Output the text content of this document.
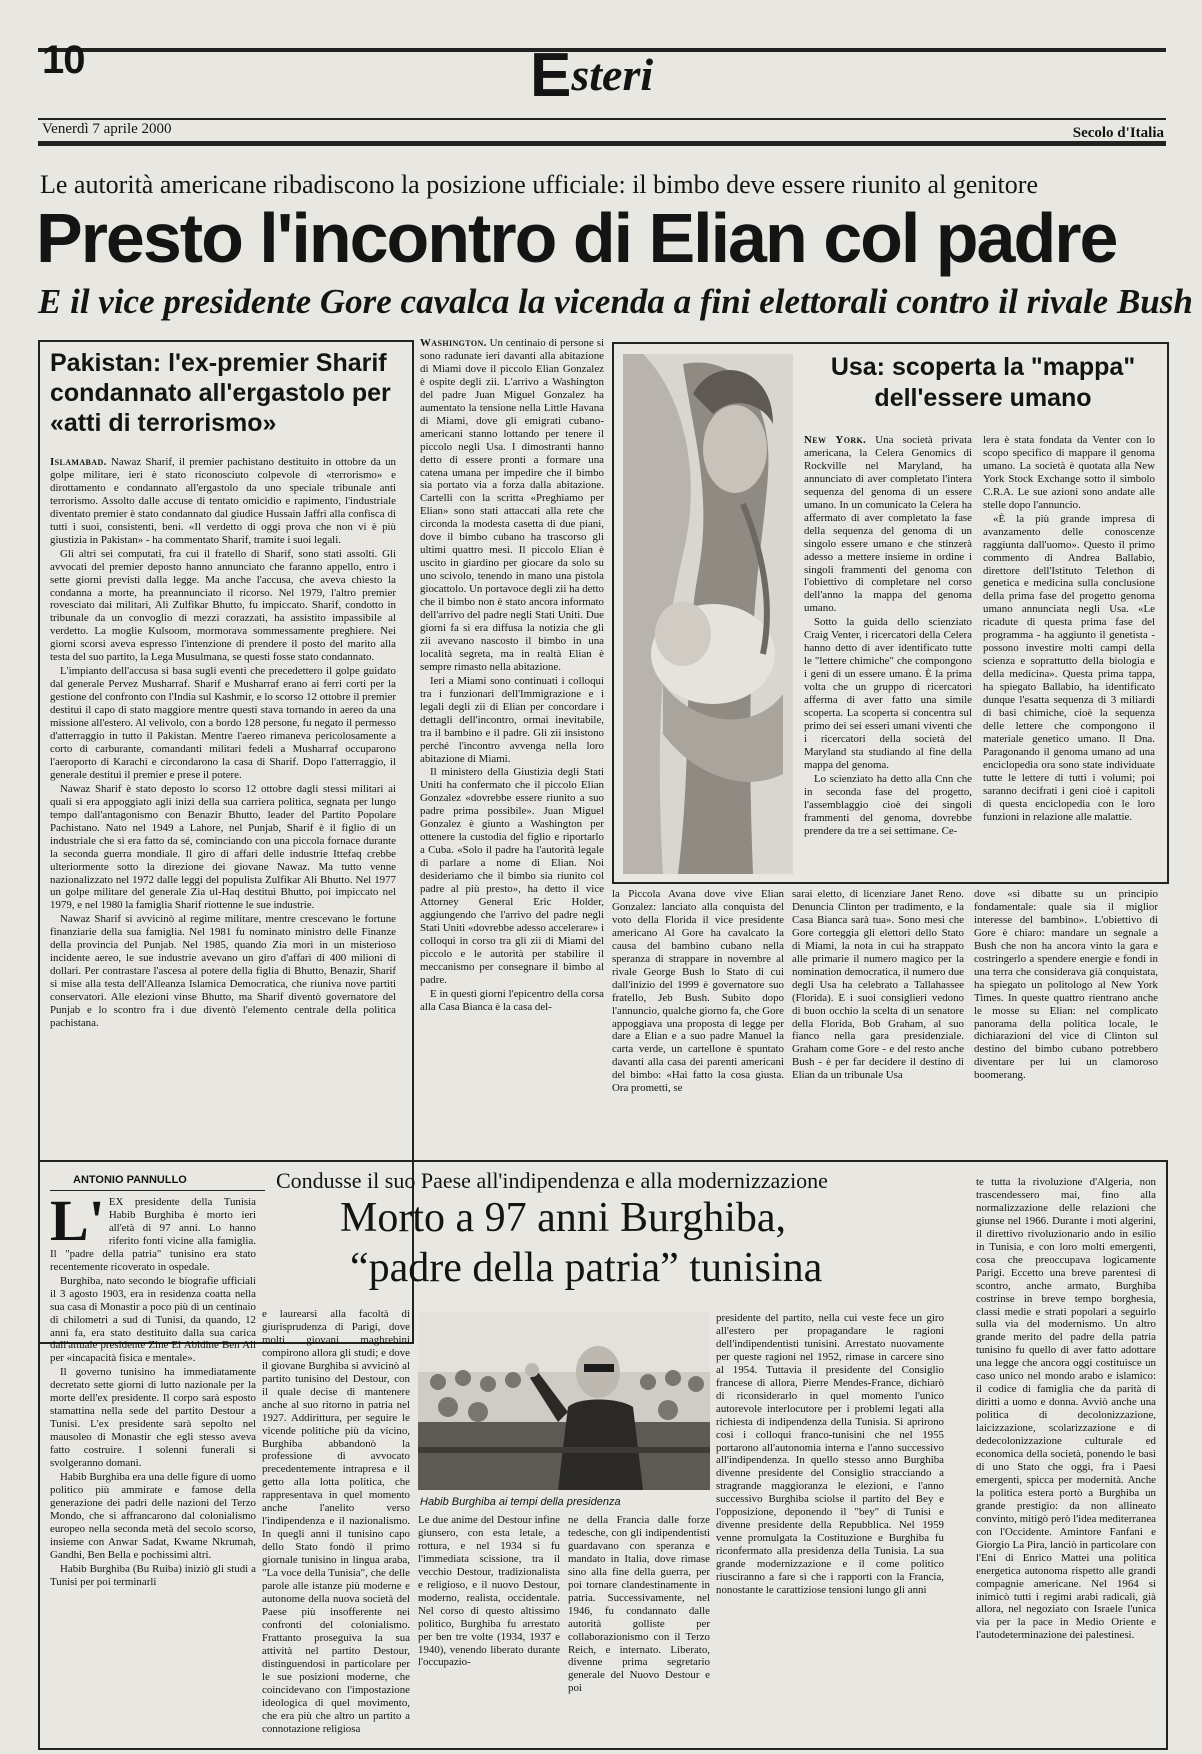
10	Esteri
Venerdì 7 aprile 2000	Secolo d'Italia
Le autorità americane ribadiscono la posizione ufficiale: il bimbo deve essere riunito al genitore
Presto l'incontro di Elian col padre
E il vice presidente Gore cavalca la vicenda a fini elettorali contro il rivale Bush
Pakistan: l'ex-premier Sharif condannato all'ergastolo per «atti di terrorismo»

Islamabad. Nawaz Sharif, il premier pachistano destituito in ottobre da un golpe militare, ieri è stato riconosciuto colpevole di «terrorismo» e dirottamento e condannato all'ergastolo da uno speciale tribunale anti terrorismo. Assolto dalle accuse di tentato omicidio e rapimento, l'industriale diventato premier è stato condannato dal giudice Hussain Jaffri alla confisca di tutti i suoi, consistenti, beni. «Il verdetto di oggi prova che non vi è più giustizia in Pakistan» - ha commentato Sharif, tramite i suoi legali.

Gli altri sei computati, fra cui il fratello di Sharif, sono stati assolti. Gli avvocati del premier deposto hanno annunciato che faranno appello, entro i sette giorni previsti dalla legge. Ma anche l'accusa, che aveva chiesto la condanna a morte, ha preannunciato il ricorso. Nel 1979, l'altro premier rovesciato dai militari, Ali Zulfikar Bhutto, fu impiccato. Sharif, condotto in tribunale da un convoglio di mezzi corazzati, ha assistito impassibile al verdetto. La moglie Kulsoom, mormorava sommessamente preghiere. Nei giorni scorsi aveva espresso l'intenzione di prendere il posto del marito alla testa del suo partito, la Lega Musulmana, se questi fosse stato condannato.

L'impianto dell'accusa si basa sugli eventi che precedettero il golpe guidato dal generale Pervez Musharraf. Sharif e Musharraf erano ai ferri corti per la gestione del confronto con l'India sul Kashmir, e lo scorso 12 ottobre il premier destituì il capo di stato maggiore mentre questi stava tornando in aereo da una missione all'estero. Al velivolo, con a bordo 128 persone, fu negato il permesso d'atterraggio in tutto il Pakistan. Mentre l'aereo rimaneva pericolosamente a corto di carburante, comandanti militari fedeli a Musharraf occuparono l'aeroporto di Karachi e circondarono la casa di Sharif. Dopo l'atterraggio, il generale destituì il premier e prese il potere.

Nawaz Sharif è stato deposto lo scorso 12 ottobre dagli stessi militari ai quali si era appoggiato agli inizi della sua carriera politica, segnata per lungo tempo dall'antagonismo con Benazir Bhutto, leader del Partito Popolare Pachistano. Nato nel 1949 a Lahore, nel Punjab, Sharif è il figlio di un industriale che si era fatto da sé, cominciando con una piccola fornace durante la seconda guerra mondiale. Il giro di affari delle industrie Ittefaq crebbe ulteriormente sotto la direzione dei giovane Nawaz. Ma tutto venne nazionalizzato nel 1972 dalle leggi del populista Zulfikar Ali Bhutto. Nel 1977 un golpe militare del generale Zia ul-Haq destituì Bhutto, poi impiccato nel 1979, e nel 1980 la famiglia Sharif riottenne le sue industrie.

Nawaz Sharif si avvicinò al regime militare, mentre crescevano le fortune finanziarie della sua famiglia. Nel 1981 fu nominato ministro delle Finanze della provincia del Punjab. Nel 1985, quando Zia morì in un misterioso incidente aereo, le sue industrie avevano un giro d'affari di 400 milioni di dollari. Per contrastare l'ascesa al potere della figlia di Bhutto, Benazir, Sharif si mise alla testa dell'Alleanza Islamica Democratica, che riuniva nove partiti conservatori. Alle elezioni vinse Bhutto, ma Sharif diventò governatore del Punjab e lo scontro fra i due diventò l'elemento centrale della politica pachistana.

Washington. Un centinaio di persone si sono radunate ieri davanti alla abitazione di Miami dove il piccolo Elian Gonzalez è ospite degli zii. L'arrivo a Washington del padre Juan Miguel Gonzalez ha aumentato la tensione nella Little Havana di Miami, dove gli emigrati cubano-americani stanno lottando per tenere il piccolo negli Usa. I dimostranti hanno detto di essere pronti a formare una catena umana per impedire che il bimbo sia portato via a forza dalla abitazione. Cartelli con la scritta «Preghiamo per Elian» sono stati attaccati alla rete che circonda la modesta casetta di due piani, dove il bimbo cubano ha trascorso gli ultimi quattro mesi. Il piccolo Elian è uscito in giardino per giocare da solo su uno scivolo, tenendo in mano una pistola giocattolo. Un portavoce degli zii ha detto che il bimbo non è stato ancora informato dell'arrivo del padre negli Stati Uniti. Due giorni fa si era diffusa la notizia che gli zii avevano nascosto il bimbo in una località segreta, ma in realtà Elian è sempre rimasto nella abitazione.

Ieri a Miami sono continuati i colloqui tra i funzionari dell'Immigrazione e i legali degli zii di Elian per concordare i dettagli dell'incontro, ormai inevitabile, tra il bambino e il padre. Gli zii insistono perché l'incontro avvenga nella loro abitazione di Miami.

Il ministero della Giustizia degli Stati Uniti ha confermato che il piccolo Elian Gonzalez «dovrebbe essere riunito a suo padre prima possibile». Juan Miguel Gonzalez è giunto a Washington per ottenere la custodia del figlio e riportarlo a Cuba. «Solo il padre ha l'autorità legale di parlare a nome di Elian. Noi desideriamo che il bimbo sia riunito col padre al più presto», ha detto il vice Attorney General Eric Holder, aggiungendo che l'arrivo del padre negli Stati Uniti «dovrebbe adesso accelerare» i colloqui in corso tra gli zii di Miami del piccolo e le autorità per stabilire il meccanismo per consegnare il bimbo al padre.

E in questi giorni l'epicentro della corsa alla Casa Bianca è la casa del-

Usa: scoperta la "mappa" dell'essere umano

New York. Una società privata americana, la Celera Genomics di Rockville nel Maryland, ha annunciato di aver completato l'intera sequenza del genoma di un essere umano. In un comunicato la Celera ha affermato di aver completato la fase della sequenza del genoma di un singolo essere umano e che stinzerà adesso a mettere insieme in ordine i singoli frammenti del genoma con l'obiettivo di completare nel corso dell'anno la mappa del genoma umano.

Sotto la guida dello scienziato Craig Venter, i ricercatori della Celera hanno detto di aver identificato tutte le "lettere chimiche" che compongono i geni di un essere umano. È la prima volta che un gruppo di ricercatori afferma di aver fatto una simile scoperta. La scoperta si concentra sul primo dei sei esseri umani viventi che i ricercatori della società del Maryland sta studiando al fine della mappa del genoma.

Lo scienziato ha detto alla Cnn che in seconda fase del progetto, l'assemblaggio cioè dei singoli frammenti del genoma, dovrebbe prendere da tre a sei settimane. Ce-

lera è stata fondata da Venter con lo scopo specifico di mappare il genoma umano. La società è quotata alla New York Stock Exchange sotto il simbolo C.R.A. Le sue azioni sono andate alle stelle dopo l'annuncio.

«È la più grande impresa di avanzamento delle conoscenze raggiunta dall'uomo». Questo il primo commento di Andrea Ballabio, direttore dell'Istituto Telethon di genetica e medicina sulla conclusione della prima fase del progetto genoma umano annunciata negli Usa. «Le ricadute di questa prima fase del programma - ha aggiunto il genetista - possono investire molti campi della scienza e soprattutto della biologia e della medicina». Questa prima tappa, ha spiegato Ballabio, ha identificato dunque l'esatta sequenza di 3 miliardi di basi chimiche, cioè la sequenza delle lettere che compongono il materiale genetico umano. Il Dna. Paragonando il genoma umano ad una enciclopedia ora sono state individuate tutte le lettere di tutti i volumi; poi saranno decifrati i geni cioè i capitoli di questa enciclopedia con le loro funzioni in relazione alle malattie.

la Piccola Avana dove vive Elian Gonzalez: lanciato alla conquista del voto della Florida il vice presidente americano Al Gore ha cavalcato la causa del bambino cubano nella speranza di strappare in novembre al rivale George Bush lo Stato di cui dall'inizio del 1999 è governatore suo fratello, Jeb Bush. Subito dopo l'annuncio, qualche giorno fa, che Gore appoggiava una proposta di legge per dare a Elian e a suo padre Manuel la carta verde, un cartellone è spuntato davanti alla casa dei parenti americani del bimbo: «Hai fatto la cosa giusta. Ora prometti, se

sarai eletto, di licenziare Janet Reno. Denuncia Clinton per tradimento, e la Casa Bianca sarà tua». Sono mesi che Gore corteggia gli elettori dello Stato di Miami, la nota in cui ha strappato alle primarie il numero magico per la nomination democratica, il numero due degli Usa ha celebrato a Tallahassee (Florida). E i suoi consiglieri vedono di buon occhio la scelta di un senatore della Florida, Bob Graham, al suo fianco nella gara presidenziale. Graham come Gore - e del resto anche Bush - è per far decidere il destino di Elian da un tribunale Usa

dove «si dibatte su un principio fondamentale: quale sia il miglior interesse del bambino». L'obiettivo di Gore è chiaro: mandare un segnale a Bush che non ha ancora vinto la gara e costringerlo a spendere energie e fondi in una terra che considerava già conquistata, ha spiegato un politologo al New York Times. In queste quattro rientrano anche le mosse su Elian: nel complicato panorama della politica locale, le dichiarazioni del vice di Clinton sul destino del bimbo cubano potrebbero diventare per lui un clamoroso boomerang.

ANTONIO PANNULLO	Condusse il suo Paese all'indipendenza e alla modernizzazione
Morto a 97 anni Burghiba,
“padre della patria” tunisina
L' EX presidente della Tunisia Habib Burghiba è morto ieri all'età di 97 anni. Lo hanno riferito fonti vicine alla famiglia. Il "padre della patria" tunisino era stato recentemente ricoverato in ospedale.

Burghiba, nato secondo le biografie ufficiali il 3 agosto 1903, era in residenza coatta nella sua casa di Monastir a poco più di un centinaio di chilometri a sud di Tunisi, da quando, 12 anni fa, era stato destituito dalla sua carica dall'attuale presidente Zine El Abidine Ben Ali per «incapacità fisica e mentale».

Il governo tunisino ha immediatamente decretato sette giorni di lutto nazionale per la morte dell'ex presidente. Il corpo sarà esposto stamattina nella sede del partito Destour a Tunisi. L'ex presidente sarà sepolto nel mausoleo di Monastir che egli stesso aveva fatto costruire. I solenni funerali si svolgeranno domani.

Habib Burghiba era una delle figure di uomo politico più ammirate e famose della generazione dei padri delle nazioni del Terzo Mondo, che si affrancarono dal colonialismo europeo nella seconda metà del secolo scorso, insieme con Anwar Sadat, Kwame Nkrumah, Gandhi, Ben Bella e pochissimi altri.

Habib Burghiba (Bu Ruiba) iniziò gli studi a Tunisi per poi terminarli

e laurearsi alla facoltà di giurisprudenza di Parigi, dove molti giovani maghrebini compirono allora gli studi; e dove il giovane Burghiba si avvicinò al partito tunisino del Destour, con il quale decise di mantenere anche al suo ritorno in patria nel 1927. Addirittura, per seguire le vicende politiche più da vicino, Burghiba abbandonò la professione di avvocato precedentemente intrapresa e il getto alla lotta politica, che rappresentava in quel momento anche l'anelito verso l'indipendenza e il nazionalismo. In quegli anni il tunisino capo dello Stato fondò il primo giornale tunisino in lingua araba, "La voce della Tunisia", che delle parole alle istanze più moderne e autonome della nuova società del Paese più insofferente nei confronti del colonialismo. Frattanto proseguiva la sua attività nel partito Destour, distinguendosi in particolare per le sue posizioni moderne, che coincidevano con l'impostazione ideologica di quel movimento, che era più che altro un partito a connotazione religiosa

Habib Burghiba ai tempi della presidenza

Le due anime del Destour infine giunsero, con esta letale, a rottura, e nel 1934 si fu l'immediata scissione, tra il vecchio Destour, tradizionalista e religioso, e il nuovo Destour, moderno, realista, occidentale. Nel corso di questo altissimo politico, Burghiba fu arrestato per ben tre volte (1934, 1937 e 1940), venendo liberato durante l'occupazio-

ne della Francia dalle forze tedesche, con gli indipendentisti guardavano con speranza e mandato in Italia, dove rimase sino alla fine della guerra, per poi tornare clandestinamente in patria. Successivamente, nel 1946, fu condannato dalle autorità golliste per collaborazionismo con il Terzo Reich, e internato. Liberato, divenne prima segretario generale del Nuovo Destour e poi

presidente del partito, nella cui veste fece un giro all'estero per propagandare le ragioni dell'indipendentisti tunisini. Arrestato nuovamente per queste ragioni nel 1952, rimase in carcere sino al 1954. Tuttavia il presidente del Consiglio francese di allora, Pierre Mendes-France, dichiarò di riconsiderarlo in quel momento l'unico autorevole interlocutore per i problemi legati alla richiesta di indipendenza della Tunisia. Si aprirono così i colloqui franco-tunisini che nel 1955 portarono all'autonomia interna e l'anno successivo all'indipendenza. In quello stesso anno Burghiba divenne presidente del Consiglio stracciando a stragrande maggioranza le elezioni, e l'anno successivo Burghiba sciolse il partito del Bey e l'opposizione, deponendo il "bey" di Tunisi e divenne presidente della Repubblica. Nel 1959 venne promulgata la Costituzione e Burghiba fu riconfermato alla presidenza della Tunisia. La sua grande modernizzazione e il come politico riusciranno a fare sì che i rapporti con la Francia, nonostante le carattiziose tensioni lungo gli anni

te tutta la rivoluzione d'Algeria, non trascendessero mai, fino alla normalizzazione delle relazioni che giunse nel 1966. Durante i moti algerini, il direttivo rivoluzionario ando in esilio in Tunisia, e con loro molti emergenti, cosa che preoccupava logicamente Parigi. Eccetto una breve parentesi di scontro, anche armato, Burghiba costrinse in breve tempo borghesia, classi medie e strati popolari a seguirlo sulla via del modernismo. Un altro grande merito del padre della patria tunisino fu quello di aver fatto adottare una legge che ancora oggi costituisce un caso unico nel mondo arabo e islamico: il codice di famiglia che da parità di diritti a uomo e donna. Avviò anche una politica di decolonizzazione, laicizzazione, scolarizzazione e di dedecolonizzazione culturale ed economica della società, ponendo le basi di uno Stato che oggi, fra i Paesi emergenti, spicca per modernità. Anche la politica estera portò a Burghiba un grande prestigio: da non allineato convinto, mitigò però l'idea mediterranea con l'Occidente. Amintore Fanfani e Giorgio La Pira, lanciò in particolare con l'Eni di Enrico Mattei una politica energetica autonoma rispetto alle grandi compagnie americane. Nel 1964 si inimicò tutti i regimi arabi radicali, già allora, nel negoziato con Israele l'unica via per la pace in Medio Oriente e l'autodeterminazione dei palestinesi.
